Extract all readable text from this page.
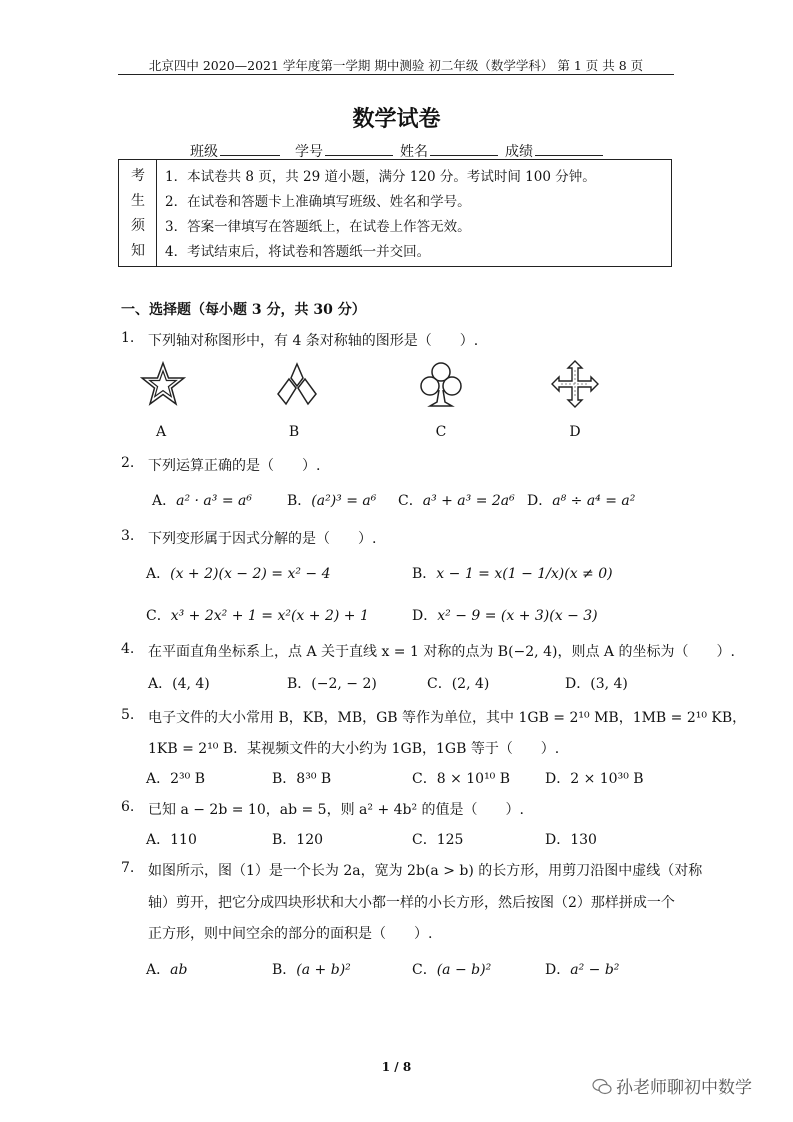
北京四中 2020—2021 学年度第一学期 期中测验 初二年级（数学学科） 第 1 页 共 8 页
数学试卷
班级	学号	姓名	成绩
考
生
须
知
1．本试卷共 8 页，共 29 道小题，满分 120 分。考试时间 100 分钟。
2．在试卷和答题卡上准确填写班级、姓名和学号。
3．答案一律填写在答题纸上，在试卷上作答无效。
4．考试结束后，将试卷和答题纸一并交回。
一、选择题（每小题 3 分，共 30 分）
1. 下列轴对称图形中，有 4 条对称轴的图形是（　　）.
A	B	C	D
2. 下列运算正确的是（　　）.
A．a² · a³ = a⁶	B．(a²)³ = a⁶ C．a³ + a³ = 2a⁶ D．a⁸ ÷ a⁴ = a²
3. 下列变形属于因式分解的是（　　）.
A．(x + 2)(x − 2) = x² − 4	B．x − 1 = x(1 − 1/x)(x ≠ 0)
C．x³ + 2x² + 1 = x²(x + 2) + 1	D．x² − 9 = (x + 3)(x − 3)
4. 在平面直角坐标系上，点 A 关于直线 x = 1 对称的点为 B(−2, 4)，则点 A 的坐标为（　　）.
A．(4, 4)	B．(−2, − 2)	C．(2, 4)	D．(3, 4)
5. 电子文件的大小常用 B，KB，MB，GB 等作为单位，其中 1GB = 2¹⁰ MB，1MB = 2¹⁰ KB，
1KB = 2¹⁰ B．某视频文件的大小约为 1GB，1GB 等于（　　）.
A．2³⁰ B	B．8³⁰ B	C．8 × 10¹⁰ B D．2 × 10³⁰ B
6. 已知 a − 2b = 10，ab = 5，则 a² + 4b² 的值是（　　）.
A．110	B．120	C．125	D．130
7. 如图所示，图（1）是一个长为 2a，宽为 2b(a > b) 的长方形，用剪刀沿图中虚线（对称
轴）剪开，把它分成四块形状和大小都一样的小长方形，然后按图（2）那样拼成一个
正方形，则中间空余的部分的面积是（　　）.
A．ab	B．(a + b)²	C．(a − b)²	D．a² − b²
1 / 8
孙老师聊初中数学
